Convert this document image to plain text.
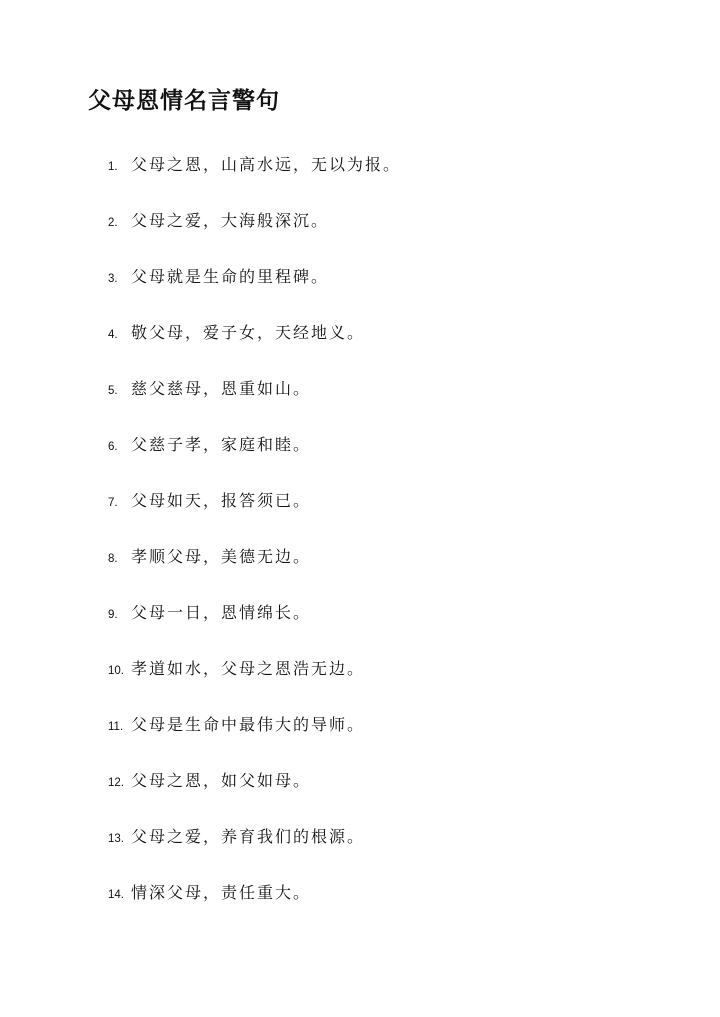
父母恩情名言警句
1. 父母之恩，山高水远，无以为报。
2. 父母之爱，大海般深沉。
3. 父母就是生命的里程碑。
4. 敬父母，爱子女，天经地义。
5. 慈父慈母，恩重如山。
6. 父慈子孝，家庭和睦。
7. 父母如天，报答须已。
8. 孝顺父母，美德无边。
9. 父母一日，恩情绵长。
10. 孝道如水，父母之恩浩无边。
11. 父母是生命中最伟大的导师。
12. 父母之恩，如父如母。
13. 父母之爱，养育我们的根源。
14. 情深父母，责任重大。
